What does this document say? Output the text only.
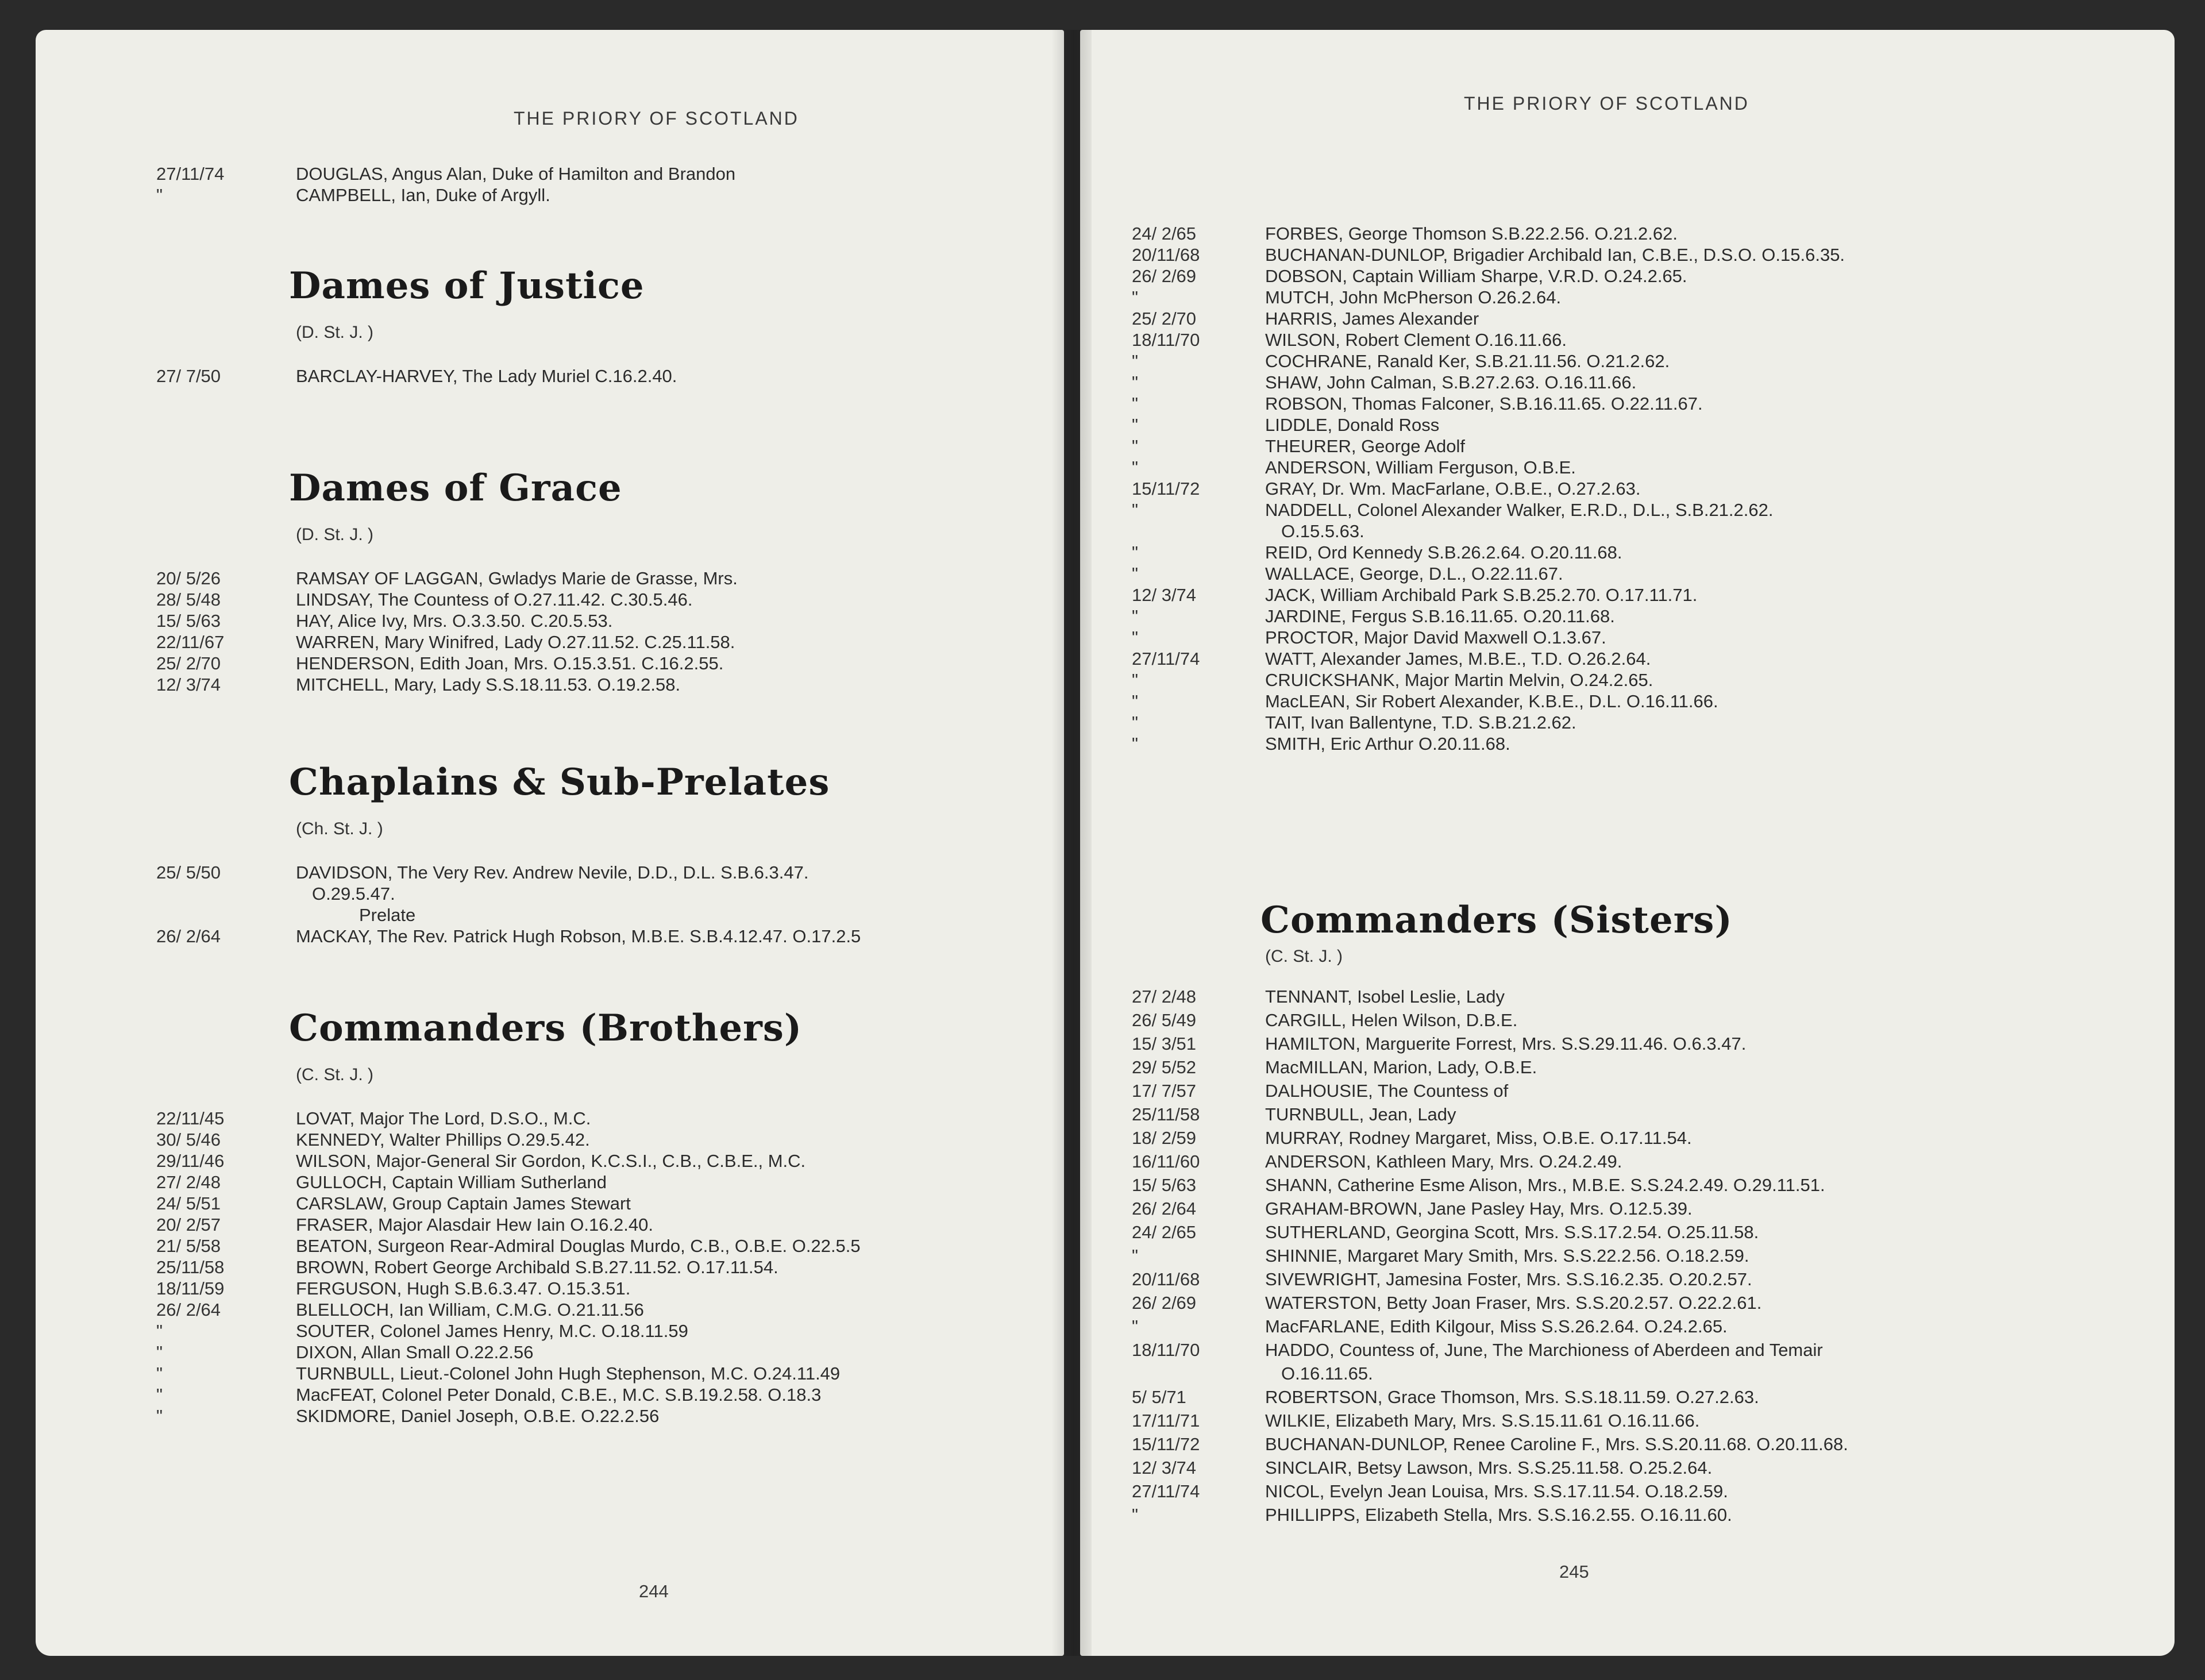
THE PRIORY OF SCOTLAND
27/11/74	DOUGLAS, Angus Alan, Duke of Hamilton and Brandon
"	CAMPBELL, Ian, Duke of Argyll.
Dames of Justice
(D. St. J. )
27/ 7/50	BARCLAY-HARVEY, The Lady Muriel C.16.2.40.
Dames of Grace
(D. St. J. )
20/ 5/26	RAMSAY OF LAGGAN, Gwladys Marie de Grasse, Mrs.
28/ 5/48	LINDSAY, The Countess of O.27.11.42. C.30.5.46.
15/ 5/63	HAY, Alice Ivy, Mrs. O.3.3.50. C.20.5.53.
22/11/67	WARREN, Mary Winifred, Lady O.27.11.52. C.25.11.58.
25/ 2/70	HENDERSON, Edith Joan, Mrs. O.15.3.51. C.16.2.55.
12/ 3/74	MITCHELL, Mary, Lady S.S.18.11.53. O.19.2.58.
Chaplains & Sub-Prelates
(Ch. St. J. )
25/ 5/50	DAVIDSON, The Very Rev. Andrew Nevile, D.D., D.L. S.B.6.3.47.
O.29.5.47.
Prelate
26/ 2/64	MACKAY, The Rev. Patrick Hugh Robson, M.B.E. S.B.4.12.47. O.17.2.5
Commanders (Brothers)
(C. St. J. )
22/11/45	LOVAT, Major The Lord, D.S.O., M.C.
30/ 5/46	KENNEDY, Walter Phillips O.29.5.42.
29/11/46	WILSON, Major-General Sir Gordon, K.C.S.I., C.B., C.B.E., M.C.
27/ 2/48	GULLOCH, Captain William Sutherland
24/ 5/51	CARSLAW, Group Captain James Stewart
20/ 2/57	FRASER, Major Alasdair Hew Iain O.16.2.40.
21/ 5/58	BEATON, Surgeon Rear-Admiral Douglas Murdo, C.B., O.B.E. O.22.5.5
25/11/58	BROWN, Robert George Archibald S.B.27.11.52. O.17.11.54.
18/11/59	FERGUSON, Hugh S.B.6.3.47. O.15.3.51.
26/ 2/64	BLELLOCH, Ian William, C.M.G. O.21.11.56
"	SOUTER, Colonel James Henry, M.C. O.18.11.59
"	DIXON, Allan Small O.22.2.56
"	TURNBULL, Lieut.-Colonel John Hugh Stephenson, M.C. O.24.11.49
"	MacFEAT, Colonel Peter Donald, C.B.E., M.C. S.B.19.2.58. O.18.3
"	SKIDMORE, Daniel Joseph, O.B.E. O.22.2.56
244
THE PRIORY OF SCOTLAND
24/ 2/65	FORBES, George Thomson S.B.22.2.56. O.21.2.62.
20/11/68	BUCHANAN-DUNLOP, Brigadier Archibald Ian, C.B.E., D.S.O. O.15.6.35.
26/ 2/69	DOBSON, Captain William Sharpe, V.R.D. O.24.2.65.
"	MUTCH, John McPherson O.26.2.64.
25/ 2/70	HARRIS, James Alexander
18/11/70	WILSON, Robert Clement O.16.11.66.
"	COCHRANE, Ranald Ker, S.B.21.11.56. O.21.2.62.
"	SHAW, John Calman, S.B.27.2.63. O.16.11.66.
"	ROBSON, Thomas Falconer, S.B.16.11.65. O.22.11.67.
"	LIDDLE, Donald Ross
"	THEURER, George Adolf
"	ANDERSON, William Ferguson, O.B.E.
15/11/72	GRAY, Dr. Wm. MacFarlane, O.B.E., O.27.2.63.
"	NADDELL, Colonel Alexander Walker, E.R.D., D.L., S.B.21.2.62.
O.15.5.63.
"	REID, Ord Kennedy S.B.26.2.64. O.20.11.68.
"	WALLACE, George, D.L., O.22.11.67.
12/ 3/74	JACK, William Archibald Park S.B.25.2.70. O.17.11.71.
"	JARDINE, Fergus S.B.16.11.65. O.20.11.68.
"	PROCTOR, Major David Maxwell O.1.3.67.
27/11/74	WATT, Alexander James, M.B.E., T.D. O.26.2.64.
"	CRUICKSHANK, Major Martin Melvin, O.24.2.65.
"	MacLEAN, Sir Robert Alexander, K.B.E., D.L. O.16.11.66.
"	TAIT, Ivan Ballentyne, T.D. S.B.21.2.62.
"	SMITH, Eric Arthur O.20.11.68.
Commanders (Sisters)
(C. St. J. )
27/ 2/48	TENNANT, Isobel Leslie, Lady
26/ 5/49	CARGILL, Helen Wilson, D.B.E.
15/ 3/51	HAMILTON, Marguerite Forrest, Mrs. S.S.29.11.46. O.6.3.47.
29/ 5/52	MacMILLAN, Marion, Lady, O.B.E.
17/ 7/57	DALHOUSIE, The Countess of
25/11/58	TURNBULL, Jean, Lady
18/ 2/59	MURRAY, Rodney Margaret, Miss, O.B.E. O.17.11.54.
16/11/60	ANDERSON, Kathleen Mary, Mrs. O.24.2.49.
15/ 5/63	SHANN, Catherine Esme Alison, Mrs., M.B.E. S.S.24.2.49. O.29.11.51.
26/ 2/64	GRAHAM-BROWN, Jane Pasley Hay, Mrs. O.12.5.39.
24/ 2/65	SUTHERLAND, Georgina Scott, Mrs. S.S.17.2.54. O.25.11.58.
"	SHINNIE, Margaret Mary Smith, Mrs. S.S.22.2.56. O.18.2.59.
20/11/68	SIVEWRIGHT, Jamesina Foster, Mrs. S.S.16.2.35. O.20.2.57.
26/ 2/69	WATERSTON, Betty Joan Fraser, Mrs. S.S.20.2.57. O.22.2.61.
"	MacFARLANE, Edith Kilgour, Miss S.S.26.2.64. O.24.2.65.
18/11/70	HADDO, Countess of, June, The Marchioness of Aberdeen and Temair
O.16.11.65.
5/ 5/71	ROBERTSON, Grace Thomson, Mrs. S.S.18.11.59. O.27.2.63.
17/11/71	WILKIE, Elizabeth Mary, Mrs. S.S.15.11.61 O.16.11.66.
15/11/72	BUCHANAN-DUNLOP, Renee Caroline F., Mrs. S.S.20.11.68. O.20.11.68.
12/ 3/74	SINCLAIR, Betsy Lawson, Mrs. S.S.25.11.58. O.25.2.64.
27/11/74	NICOL, Evelyn Jean Louisa, Mrs. S.S.17.11.54. O.18.2.59.
"	PHILLIPPS, Elizabeth Stella, Mrs. S.S.16.2.55. O.16.11.60.
245
